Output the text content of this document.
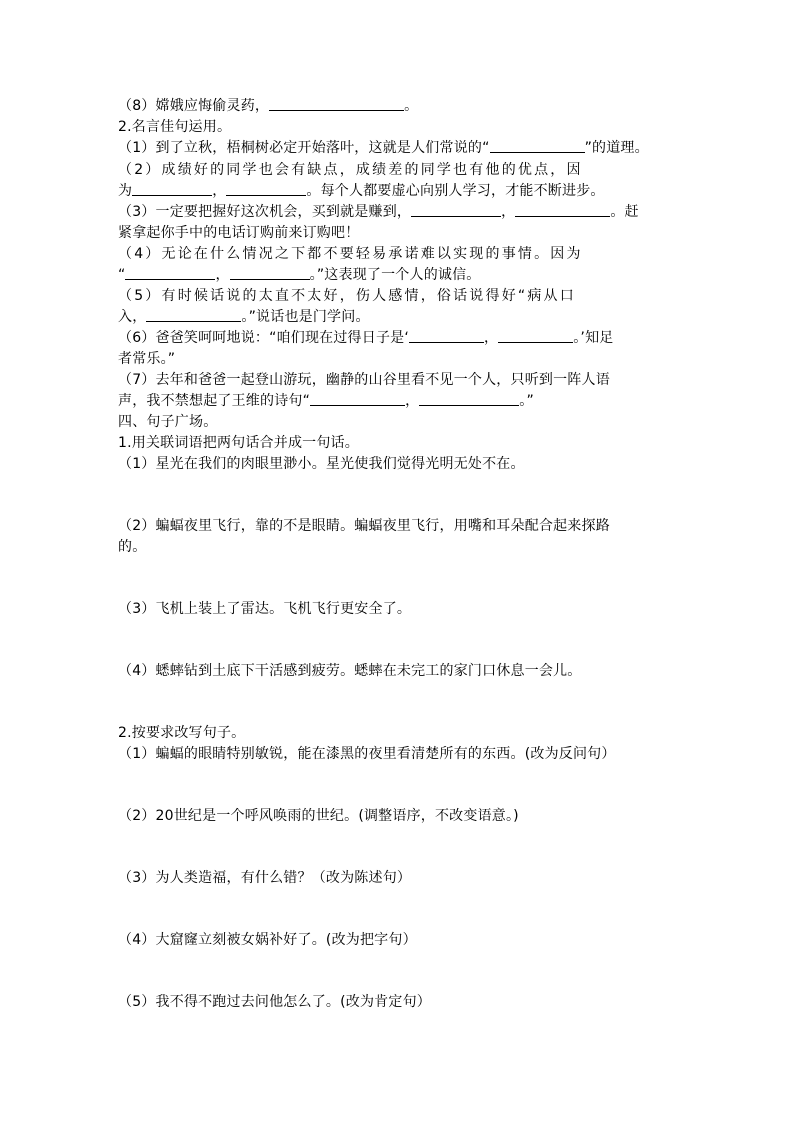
（8）嫦娥应悔偷灵药，	。
2.名言佳句运用。
（1）到了立秋，梧桐树必定开始落叶，这就是人们常说的“	”的道理。
（2）成绩好的同学也会有缺点，成绩差的同学也有他的优点，因
为	，	。每个人都要虚心向别人学习，才能不断进步。
（3）一定要把握好这次机会，买到就是赚到，	，	。赶
紧拿起你手中的电话订购前来订购吧！
（4）无论在什么情况之下都不要轻易承诺难以实现的事情。因为
“	，	。”这表现了一个人的诚信。
（5）有时候话说的太直不太好，伤人感情，俗话说得好“病从口
入，	。”说话也是门学问。
（6）爸爸笑呵呵地说：“咱们现在过得日子是‘	，	。’知足
者常乐。”
（7）去年和爸爸一起登山游玩，幽静的山谷里看不见一个人，只听到一阵人语
声，我不禁想起了王维的诗句“	，	。”
四、句子广场。
1.用关联词语把两句话合并成一句话。
（1）星光在我们的肉眼里渺小。星光使我们觉得光明无处不在。
（2）蝙蝠夜里飞行，靠的不是眼睛。蝙蝠夜里飞行，用嘴和耳朵配合起来探路
的。
（3）飞机上装上了雷达。飞机飞行更安全了。
（4）蟋蟀钻到土底下干活感到疲劳。蟋蟀在未完工的家门口休息一会儿。
2.按要求改写句子。
（1）蝙蝠的眼睛特别敏锐，能在漆黑的夜里看清楚所有的东西。(改为反问句）
（2）20世纪是一个呼风唤雨的世纪。(调整语序，不改变语意。)
（3）为人类造福，有什么错？（改为陈述句）
（4）大窟窿立刻被女娲补好了。(改为把字句）
（5）我不得不跑过去问他怎么了。(改为肯定句）
